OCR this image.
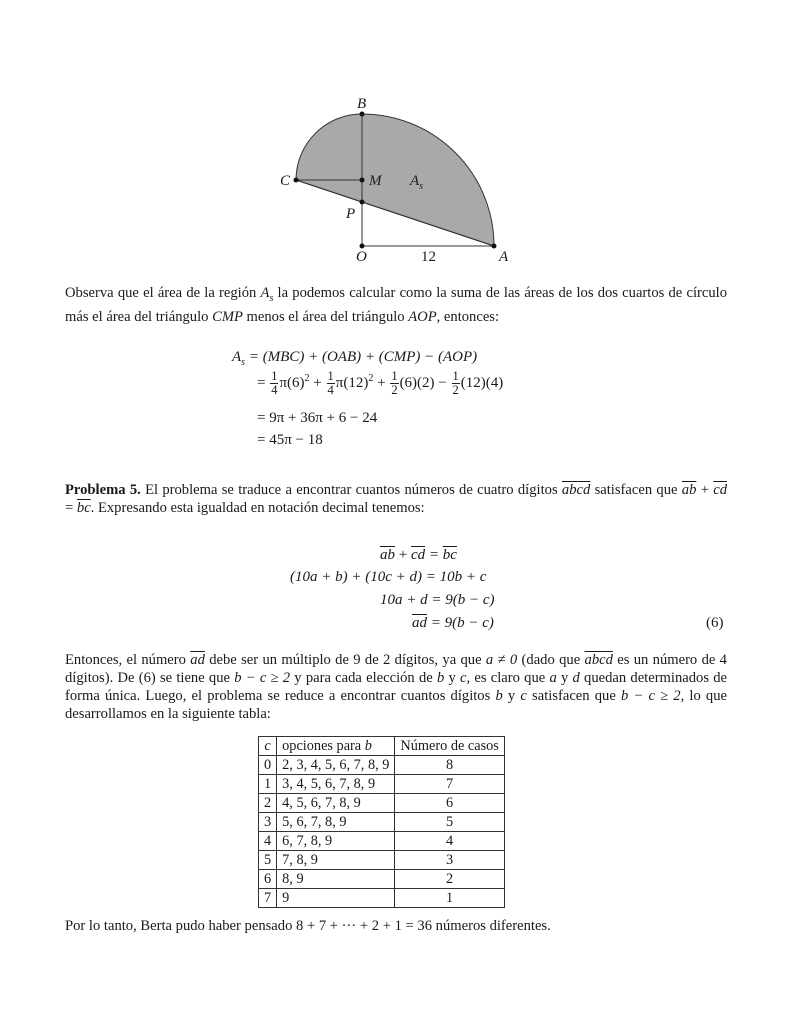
B
C	M $A_s$
P
O	12	A
Observa que el área de la región $A_s$ la podemos calcular como la suma de las áreas de los dos cuartos de círculo más el área del triángulo CMP menos el área del triángulo AOP, entonces:
$A_s = (MBC) + (OAB) + (CMP) - (AOP)$
= $\frac{1}{4} \pi(6)^2 + \frac{1}{4} \pi(12)^2 + \frac{1}{2} (6)(2) - \frac{1}{2} (12)(4)$
= 9π + 36π + 6 − 24
= 45π − 18
Problema 5. El problema se traduce a encontrar cuantos números de cuatro dígitos abcd satisfacen que $\overline{ab} + \overline{cd} = \overline{bc}$. Expresando esta igualdad en notación decimal tenemos:
$\overline{ab} + \overline{cd} = \overline{bc}$
(10a + b) + (10c + d) = 10b + c
10a + d = 9(b − c)
$\overline{ad} = 9(b - c)$	(6)
Entonces, el número $\overline{ad}$ debe ser un múltiplo de 9 de 2 dígitos, ya que a ≠ 0 (dado que abcd es un número de 4 dígitos). De (6) se tiene que b − c ≥ 2 y para cada elección de b y c, es claro que a y d quedan determinados de forma única. Luego, el problema se reduce a encontrar cuantos dígitos b y c satisfacen que b − c ≥ 2, lo que desarrollamos en la siguiente tabla:
c	opciones para b	Número de casos
0	2, 3, 4, 5, 6, 7, 8, 9	8
1	3, 4, 5, 6, 7, 8, 9	7
2	4, 5, 6, 7, 8, 9	6
3	5, 6, 7, 8, 9	5
4	6, 7, 8, 9	4
5	7, 8, 9	3
6	8, 9	2
7	9	1
Por lo tanto, Berta pudo haber pensado 8 + 7 + ··· + 2 + 1 = 36 números diferentes.
